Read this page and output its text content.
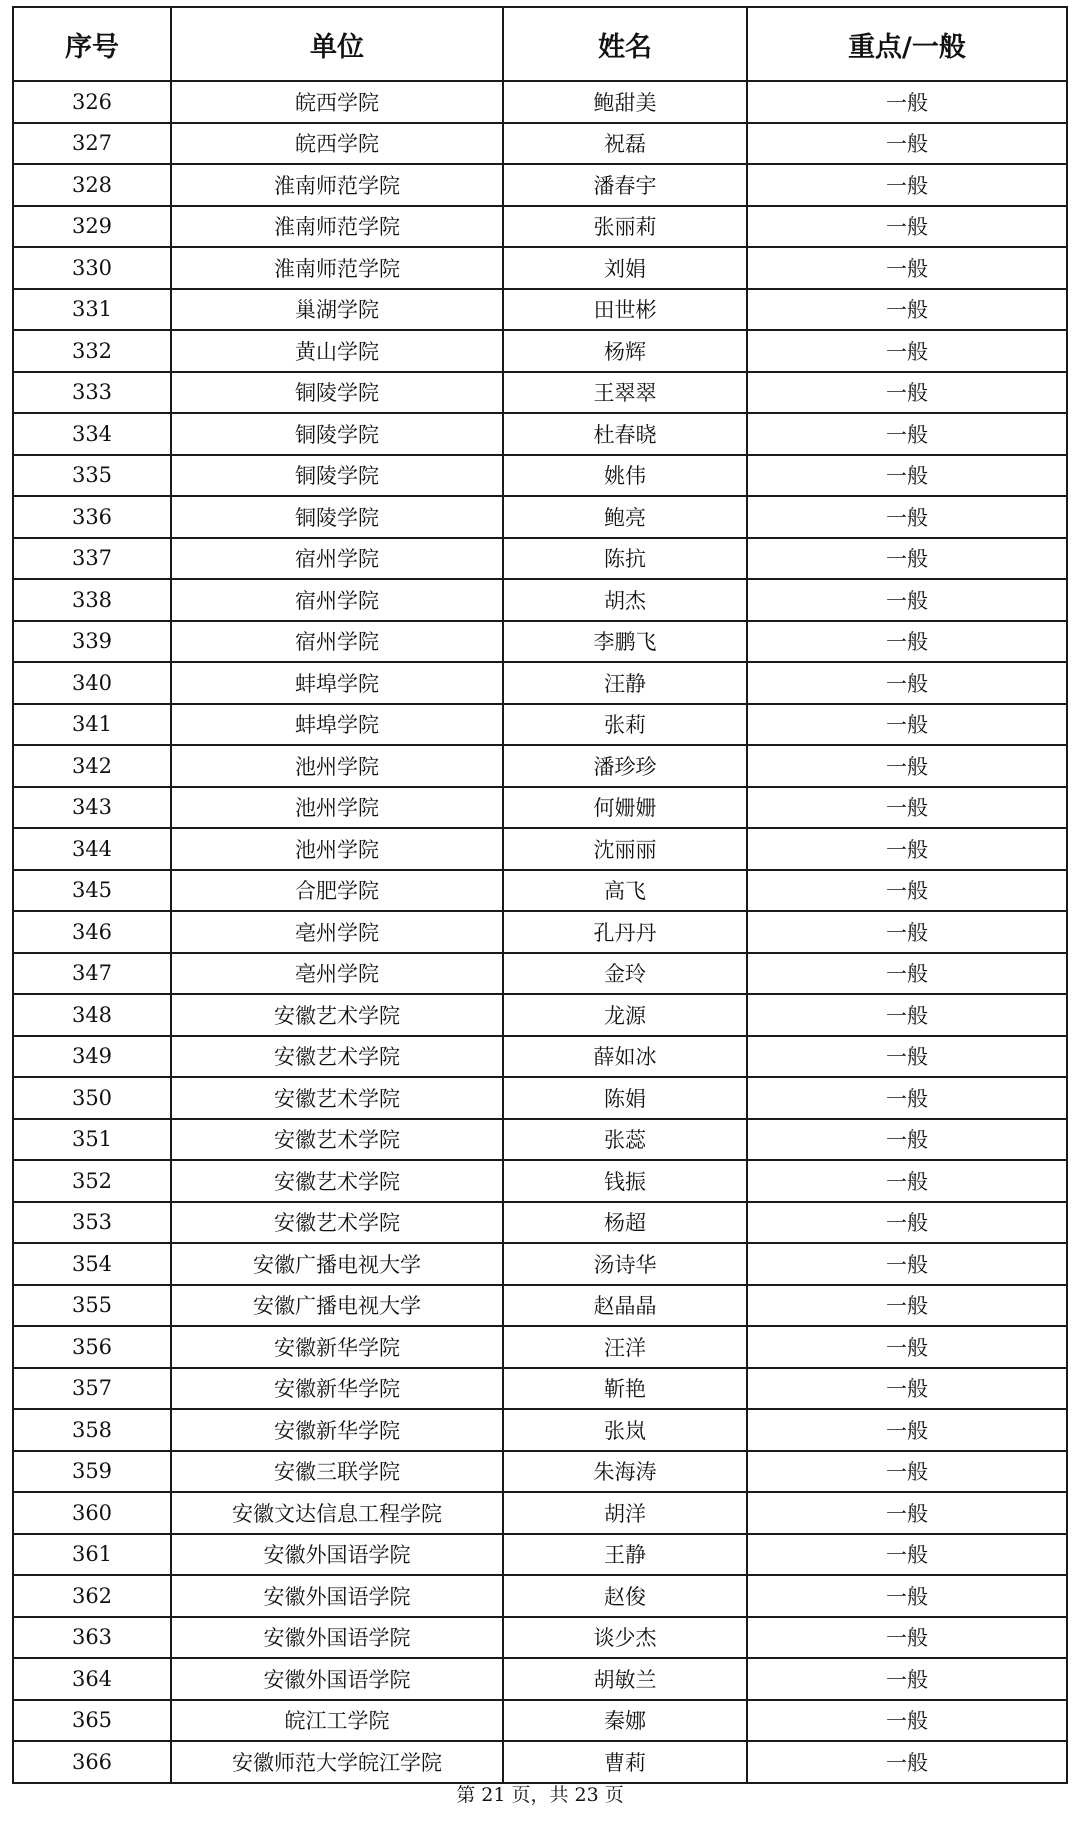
序号	单位	姓名	重点/一般
326	皖西学院	鲍甜美	一般
327	皖西学院	祝磊	一般
328	淮南师范学院	潘春宇	一般
329	淮南师范学院	张丽莉	一般
330	淮南师范学院	刘娟	一般
331	巢湖学院	田世彬	一般
332	黄山学院	杨辉	一般
333	铜陵学院	王翠翠	一般
334	铜陵学院	杜春晓	一般
335	铜陵学院	姚伟	一般
336	铜陵学院	鲍亮	一般
337	宿州学院	陈抗	一般
338	宿州学院	胡杰	一般
339	宿州学院	李鹏飞	一般
340	蚌埠学院	汪静	一般
341	蚌埠学院	张莉	一般
342	池州学院	潘珍珍	一般
343	池州学院	何姗姗	一般
344	池州学院	沈丽丽	一般
345	合肥学院	高飞	一般
346	亳州学院	孔丹丹	一般
347	亳州学院	金玲	一般
348	安徽艺术学院	龙源	一般
349	安徽艺术学院	薛如冰	一般
350	安徽艺术学院	陈娟	一般
351	安徽艺术学院	张蕊	一般
352	安徽艺术学院	钱振	一般
353	安徽艺术学院	杨超	一般
354	安徽广播电视大学	汤诗华	一般
355	安徽广播电视大学	赵晶晶	一般
356	安徽新华学院	汪洋	一般
357	安徽新华学院	靳艳	一般
358	安徽新华学院	张岚	一般
359	安徽三联学院	朱海涛	一般
360	安徽文达信息工程学院	胡洋	一般
361	安徽外国语学院	王静	一般
362	安徽外国语学院	赵俊	一般
363	安徽外国语学院	谈少杰	一般
364	安徽外国语学院	胡敏兰	一般
365	皖江工学院	秦娜	一般
366	安徽师范大学皖江学院	曹莉	一般
第 21 页，共 23 页
